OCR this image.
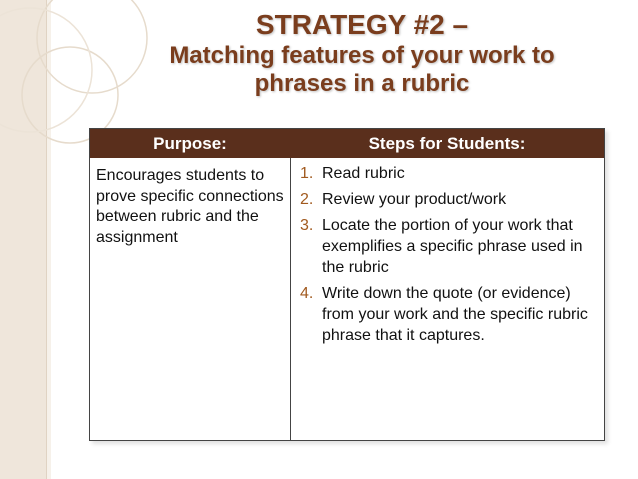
STRATEGY #2 –
Matching features of your work to
phrases in a rubric
Purpose:	Steps for Students:
Encourages students to prove specific connections between rubric and the assignment
1. Read rubric
2. Review your product/work
3. Locate the portion of your work that exemplifies a specific phrase used in the rubric
4. Write down the quote (or evidence) from your work and the specific rubric phrase that it captures.
